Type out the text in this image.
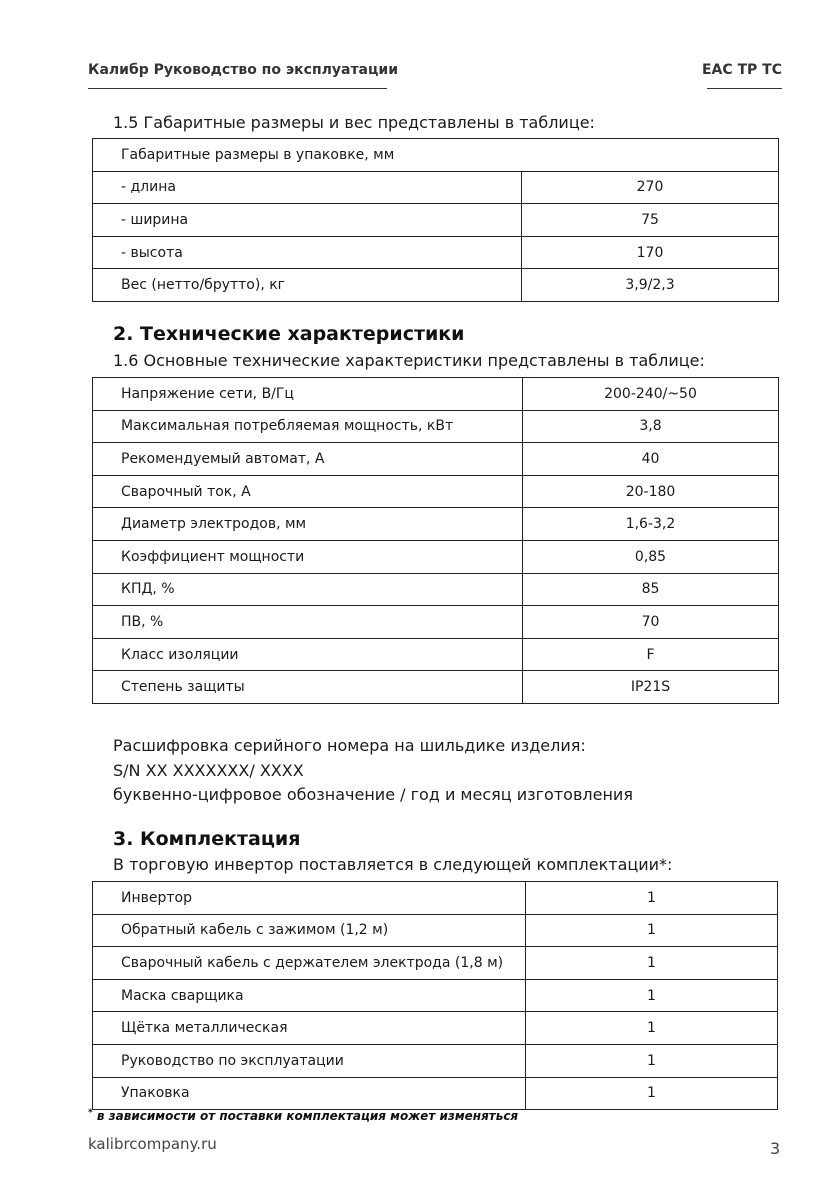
Калибр Руководство по эксплуатации	ЕАС ТР ТС
1.5 Габаритные размеры и вес представлены в таблице:
Габаритные размеры в упаковке, мм	
- длина	270
- ширина	75
- высота	170
Вес (нетто/брутто), кг	3,9/2,3
2. Технические характеристики
1.6 Основные технические характеристики представлены в таблице:
Напряжение сети, В/Гц	200-240/~50
Максимальная потребляемая мощность, кВт	3,8
Рекомендуемый автомат, А	40
Сварочный ток, А	20-180
Диаметр электродов, мм	1,6-3,2
Коэффициент мощности	0,85
КПД, %	85
ПВ, %	70
Класс изоляции	F
Степень защиты	IP21S
Расшифровка серийного номера на шильдике изделия:
S/N XX XXXXXXX/ XXXX
буквенно-цифровое обозначение / год и месяц изготовления
3. Комплектация
В торговую инвертор поставляется в следующей комплектации*:
Инвертор	1
Обратный кабель с зажимом (1,2 м)	1
Сварочный кабель с держателем электрода (1,8 м)	1
Маска сварщика	1
Щётка металлическая	1
Руководство по эксплуатации	1
Упаковка	1
* в зависимости от поставки комплектация может изменяться
kalibrcompany.ru	3
